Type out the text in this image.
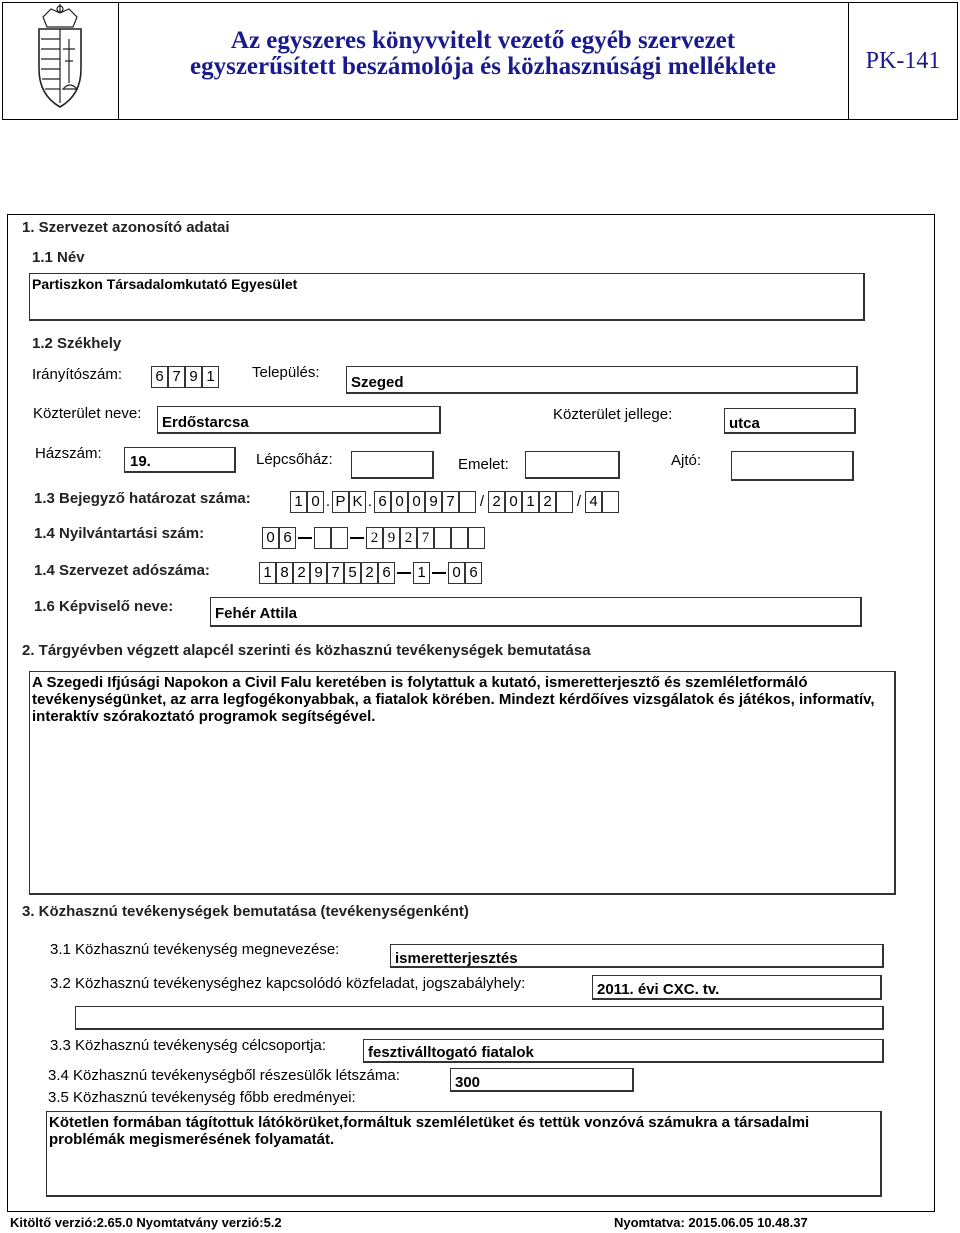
Az egyszeres könyvvitelt vezető egyéb szervezet
egyszerűsített beszámolója és közhasznúsági melléklete	PK-141
1. Szervezet azonosító adatai
1.1 Név
Partiszkon Társadalomkutató Egyesület
1.2 Székhely
Irányítószám: 6 7 9 1 Település:
Szeged
Közterület neve:
Erdőstarcsa	Közterület jellege:
utca
Házszám: 19.	Lépcsőház:	Emelet:	Ajtó:
1.3 Bejegyző határozat száma:	1 0 . P K . 6 0 0 9 7 / 2 0 1 2 / 4
1.4 Nyilvántartási szám:	0 6	2 9 2 7
1.4 Szervezet adószáma:	1 8 2 9 7 5 2 6 1 0 6
1.6 Képviselő neve:	Fehér Attila
2. Tárgyévben végzett alapcél szerinti és közhasznú tevékenységek bemutatása
A Szegedi Ifjúsági Napokon a Civil Falu keretében is folytattuk a kutató, ismeretterjesztő és szemléletformáló tevékenységünket, az arra legfogékonyabbak, a fiatalok körében. Mindezt kérdőíves vizsgálatok és játékos, informatív, interaktív szórakoztató programok segítségével.
3. Közhasznú tevékenységek bemutatása (tevékenységenként)
3.1 Közhasznú tevékenység megnevezése:
ismeretterjesztés
3.2 Közhasznú tevékenységhez kapcsolódó közfeladat, jogszabályhely:	2011. évi CXC. tv.
3.3 Közhasznú tevékenység célcsoportja:	fesztiválltogató fiatalok
3.4 Közhasznú tevékenységből részesülők létszáma:	300
3.5 Közhasznú tevékenység főbb eredményei:
Kötetlen formában tágítottuk látókörüket,formáltuk szemléletüket és tettük vonzóvá számukra a társadalmi problémák megismerésének folyamatát.
Kitöltő verzió:2.65.0 Nyomtatvány verzió:5.2	Nyomtatva: 2015.06.05 10.48.37
